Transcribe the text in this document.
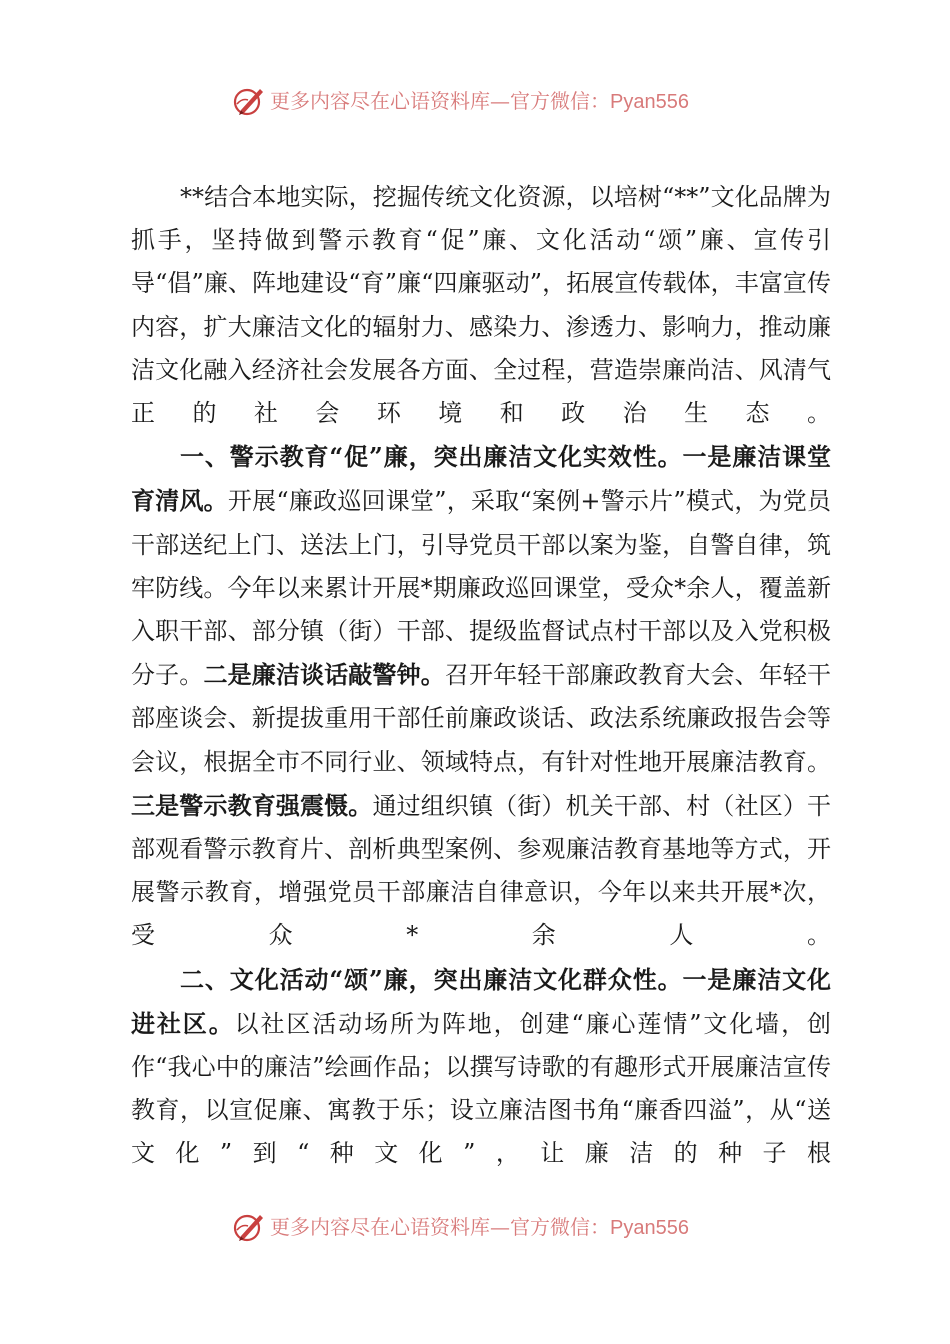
更多内容尽在心语资料库—官方微信：Pyan556

**结合本地实际，挖掘传统文化资源，以培树“**”文化品牌为抓手，坚持做到警示教育“促”廉、文化活动“颂”廉、宣传引导“倡”廉、阵地建设“育”廉“四廉驱动”，拓展宣传载体，丰富宣传内容，扩大廉洁文化的辐射力、感染力、渗透力、影响力，推动廉洁文化融入经济社会发展各方面、全过程，营造崇廉尚洁、风清气正的社会环境和政治生态。

一、警示教育“促”廉，突出廉洁文化实效性。一是廉洁课堂育清风。开展“廉政巡回课堂”，采取“案例+警示片”模式，为党员干部送纪上门、送法上门，引导党员干部以案为鉴，自警自律，筑牢防线。今年以来累计开展*期廉政巡回课堂，受众*余人，覆盖新入职干部、部分镇（街）干部、提级监督试点村干部以及入党积极分子。二是廉洁谈话敲警钟。召开年轻干部廉政教育大会、年轻干部座谈会、新提拔重用干部任前廉政谈话、政法系统廉政报告会等会议，根据全市不同行业、领域特点，有针对性地开展廉洁教育。三是警示教育强震慑。通过组织镇（街）机关干部、村（社区）干部观看警示教育片、剖析典型案例、参观廉洁教育基地等方式，开展警示教育，增强党员干部廉洁自律意识，今年以来共开展*次，受众*余人。

二、文化活动“颂”廉，突出廉洁文化群众性。一是廉洁文化进社区。以社区活动场所为阵地，创建“廉心莲情”文化墙，创作“我心中的廉洁”绘画作品；以撰写诗歌的有趣形式开展廉洁宣传教育，以宣促廉、寓教于乐；设立廉洁图书角“廉香四溢”，从“送文化”到“种文化”，让廉洁的种子根

更多内容尽在心语资料库—官方微信：Pyan556
